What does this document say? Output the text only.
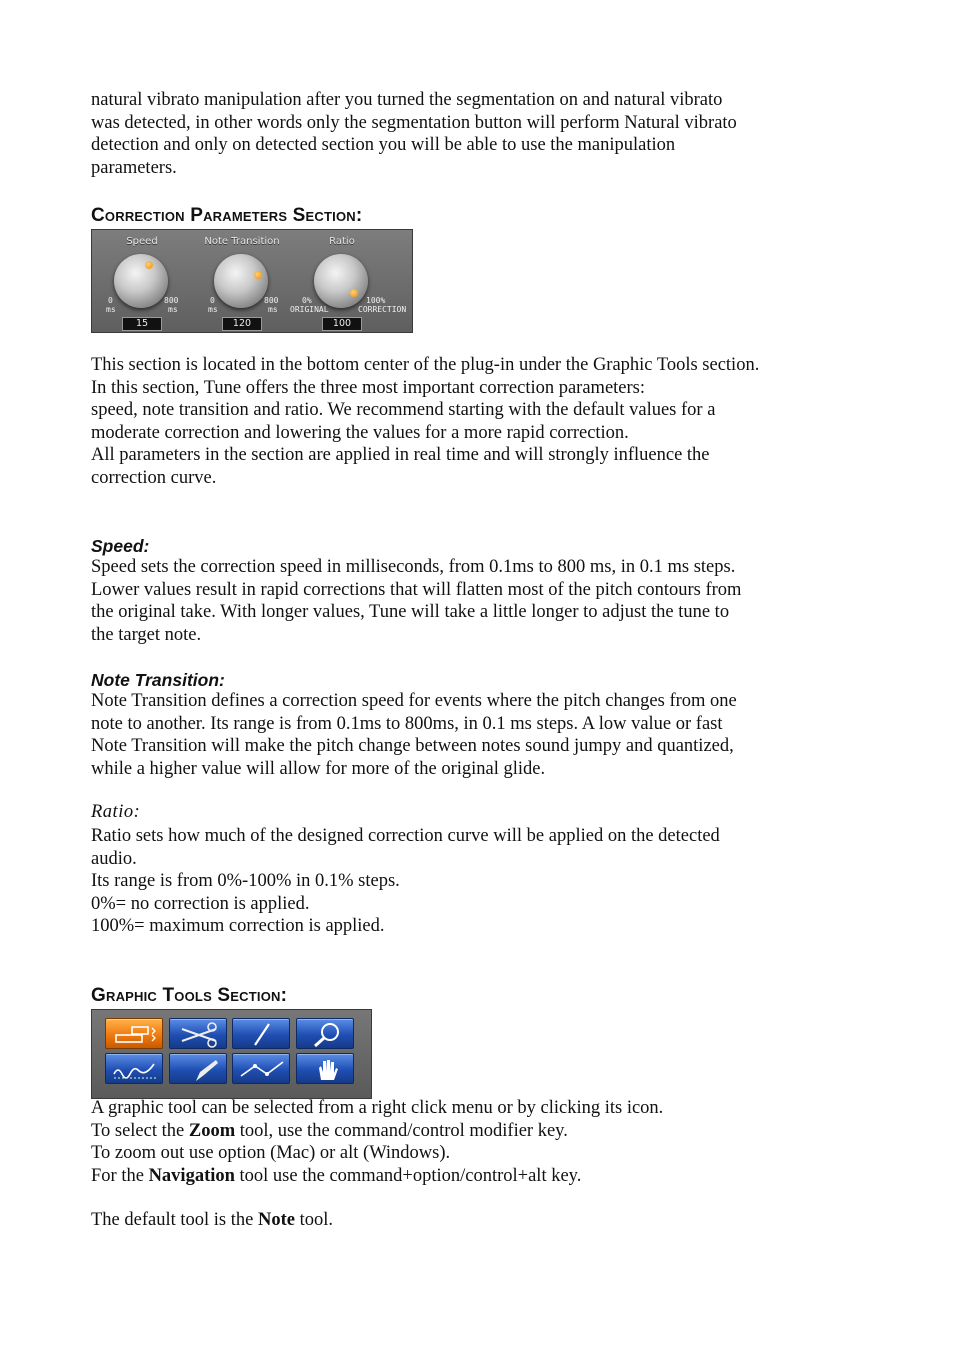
natural vibrato manipulation after you turned the segmentation on and natural vibrato
was detected, in other words only the segmentation button will perform Natural vibrato
detection and only on detected section you will be able to use the manipulation
parameters.
Correction Parameters Section:
Speed
0
ms
800
ms
15
Note Transition
0
ms
800
ms
120
Ratio
0%
ORIGINAL
100%
CORRECTION
100
This section is located in the bottom center of the plug-in under the Graphic Tools section.
In this section, Tune offers the three most important correction parameters:
speed, note transition and ratio. We recommend starting with the default values for a
moderate correction and lowering the values for a more rapid correction.
All parameters in the section are applied in real time and will strongly influence the
correction curve.
Speed:
Speed sets the correction speed in milliseconds, from 0.1ms to 800 ms, in 0.1 ms steps.
Lower values result in rapid corrections that will flatten most of the pitch contours from
the original take. With longer values, Tune will take a little longer to adjust the tune to
the target note.
Note Transition:
Note Transition defines a correction speed for events where the pitch changes from one
note to another. Its range is from 0.1ms to 800ms, in 0.1 ms steps. A low value or fast
Note Transition will make the pitch change between notes sound jumpy and quantized,
while a higher value will allow for more of the original glide.
Ratio:
Ratio sets how much of the designed correction curve will be applied on the detected
audio.
Its range is from 0%-100% in 0.1% steps.
0%= no correction is applied.
100%= maximum correction is applied.
Graphic Tools Section:
A graphic tool can be selected from a right click menu or by clicking its icon.
To select the Zoom tool, use the command/control modifier key.
To zoom out use option (Mac) or alt (Windows).
For the Navigation tool use the command+option/control+alt key.
The default tool is the Note tool.
